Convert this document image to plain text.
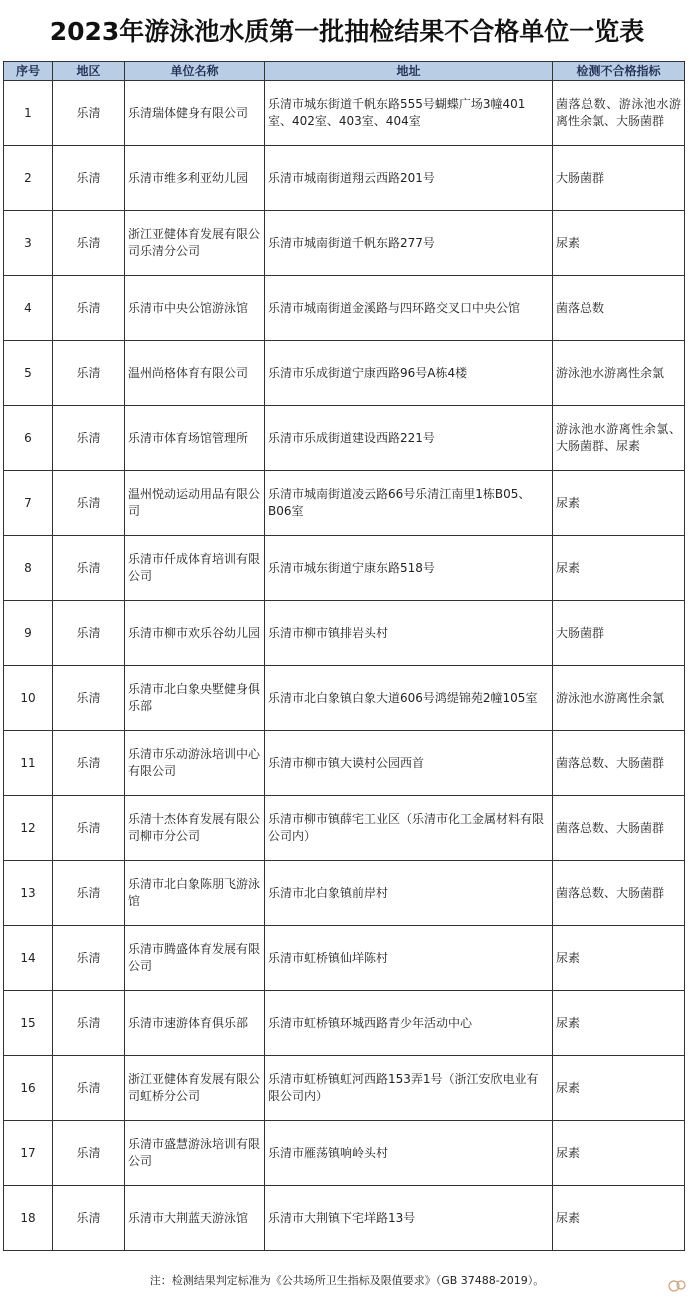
2023年游泳池水质第一批抽检结果不合格单位一览表
序号	地区	单位名称	地址	检测不合格指标
1	乐清	乐清瑞体健身有限公司	乐清市城东街道千帆东路555号蝴蝶广场3幢401室、402室、403室、404室	菌落总数、游泳池水游离性余氯、大肠菌群
2	乐清	乐清市维多利亚幼儿园	乐清市城南街道翔云西路201号	大肠菌群
3	乐清	浙江亚健体育发展有限公司乐清分公司	乐清市城南街道千帆东路277号	尿素
4	乐清	乐清市中央公馆游泳馆	乐清市城南街道金溪路与四环路交叉口中央公馆	菌落总数
5	乐清	温州尚格体育有限公司	乐清市乐成街道宁康西路96号A栋4楼	游泳池水游离性余氯
6	乐清	乐清市体育场馆管理所	乐清市乐成街道建设西路221号	游泳池水游离性余氯、大肠菌群、尿素
7	乐清	温州悦动运动用品有限公司	乐清市城南街道凌云路66号乐清江南里1栋B05、B06室	尿素
8	乐清	乐清市仟成体育培训有限公司	乐清市城东街道宁康东路518号	尿素
9	乐清	乐清市柳市欢乐谷幼儿园	乐清市柳市镇排岩头村	大肠菌群
10	乐清	乐清市北白象央墅健身俱乐部	乐清市北白象镇白象大道606号鸿缇锦苑2幢105室	游泳池水游离性余氯
11	乐清	乐清市乐动游泳培训中心有限公司	乐清市柳市镇大谟村公园西首	菌落总数、大肠菌群
12	乐清	乐清十杰体育发展有限公司柳市分公司	乐清市柳市镇薛宅工业区（乐清市化工金属材料有限公司内）	菌落总数、大肠菌群
13	乐清	乐清市北白象陈朋飞游泳馆	乐清市北白象镇前岸村	菌落总数、大肠菌群
14	乐清	乐清市腾盛体育发展有限公司	乐清市虹桥镇仙垟陈村	尿素
15	乐清	乐清市速游体育俱乐部	乐清市虹桥镇环城西路青少年活动中心	尿素
16	乐清	浙江亚健体育发展有限公司虹桥分公司	乐清市虹桥镇虹河西路153弄1号（浙江安欣电业有限公司内）	尿素
17	乐清	乐清市盛慧游泳培训有限公司	乐清市雁荡镇响岭头村	尿素
18	乐清	乐清市大荆蓝天游泳馆	乐清市大荆镇下宅垟路13号	尿素
注：检测结果判定标准为《公共场所卫生指标及限值要求》（GB 37488-2019）。
